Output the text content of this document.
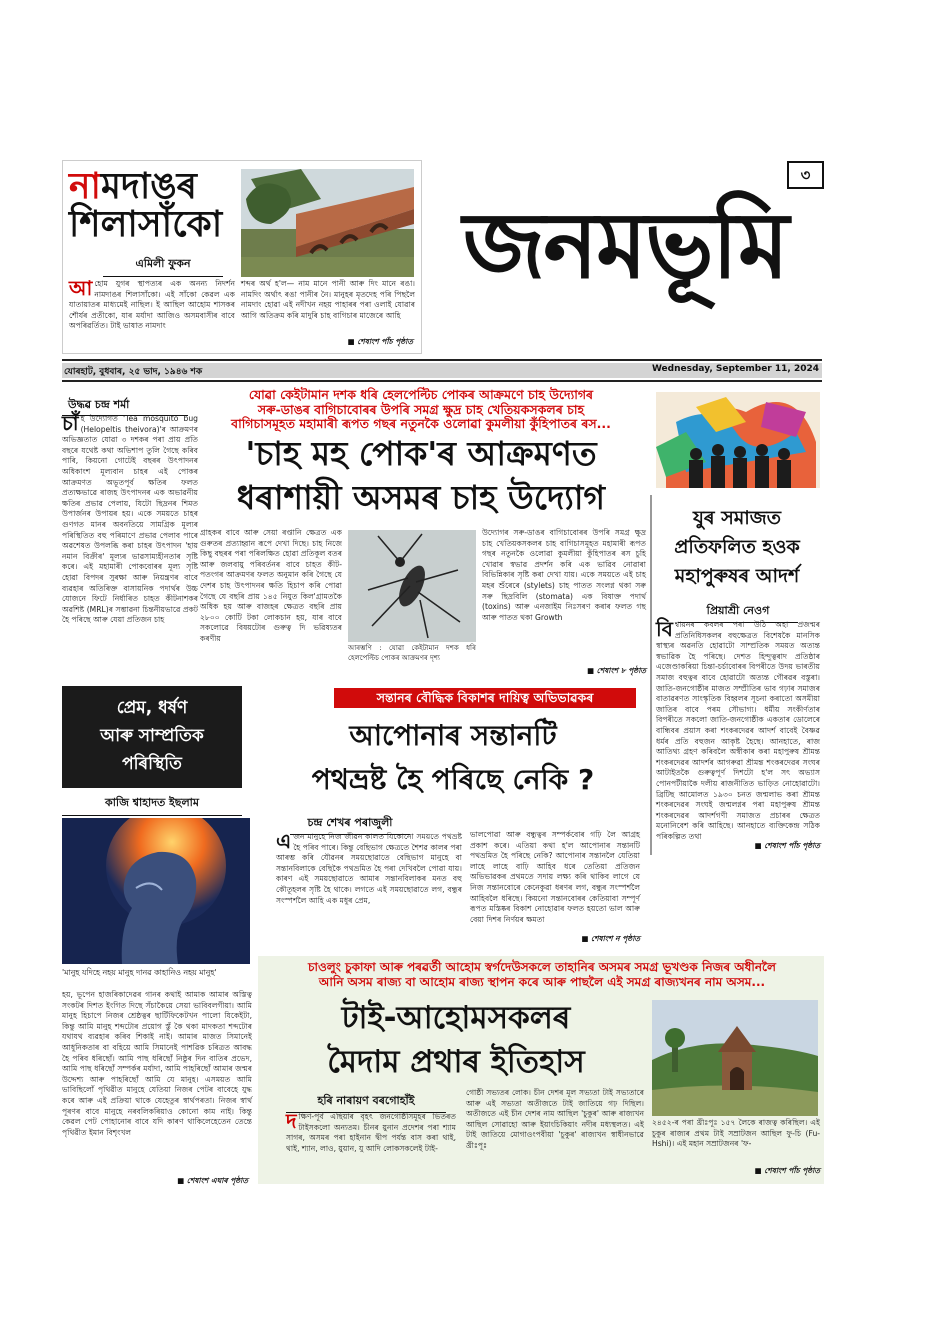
নামদাঙৰ
শিলাসাঁকো
এমিলী ফুকন
আহোম যুগৰ স্থাপত্যৰ এক অনন্য নিদৰ্শন নামদাঙৰ শিলাসাঁকো। এই সাঁকো কেৱল এক যাতায়াতৰ মাধ্যমেই নাছিল। ই আছিল আহোম শাসকৰ শৌৰ্যৰ প্ৰতীকো, যাৰ মৰ্যাদা আজিও অসমবাসীৰ বাবে অপৰিৱৰ্তিত। টাই ভাষাত নামদাং
শব্দৰ অৰ্থ হ'ল— নাম মানে পানী আৰু দিং মানে ৰঙা। নামদিং অৰ্থাৎ ৰঙা পানীৰ নৈ। মানুহৰ মৃতদেহ পৰি পিছলৈ নামদাং হোৱা এই নদীখন নহয় পাহাৰৰ পৰা ওলাই যোৱাৰ আগি অতিক্ৰম কৰি মাদুৰি চাহ বাগিচাৰ মাজেৰে আহি
■ শেষাংশ পাঁচ পৃষ্ঠাত
৩
জনমভূমি
যোৰহাট, বুধবাৰ, ২৫ ভাদ, ১৯৪৬ শক	Wednesday, September 11, 2024
উদ্ধৱ চন্দ্ৰ শৰ্মা
চাঁহ উদ্যোগত 'Tea mosquito bug (Helopeltis theivora)'ৰ আক্ৰমণৰ অভিজ্ঞতাত যোৱা ৩ দশকৰ পৰা প্ৰায় প্ৰতি বছৰে যথেষ্ট কথা অভিশাপ তুলি গৈছে কৰিব পাৰি, কিয়নো গোটেই বছৰৰ উৎপাদনৰ অধিকাংশ মূল্যবান চাহৰ এই পোকৰ আক্ৰমণত অভূতপূৰ্ব ক্ষতিৰ ফলত প্ৰত্যক্ষভাৱে ৰাজহ উৎপাদনৰ এক অভাৱনীয় ক্ষতিৰ প্ৰভাৱ পেলায়, যিটো ছিদ্ৰনৰ শিমত উপাৰ্জনৰ উপায়ৰ হয়। একে সময়তে চাহৰ গুণগত মানৰ অবনতিয়ে সামগ্ৰিক মূল্যৰ পৰিস্থিতিত বহু পৰিমাণে প্ৰভাৱ পেলাব পাৰে অৱশেষত উপলব্ধি কৰা চাহৰ উৎপাদন 'হায় নমান বিক্ৰীৰ' মূল্যৰ ভাৱসাম্যহীনতাৰ সৃষ্টি কৰে। এই মহামাৰী পোকবোৰৰ মূল্য সৃষ্টি হোৱা বিপদৰ সুৰক্ষা আৰু নিয়ন্ত্ৰণৰ বাবে ব্যৱহাৰ অতিৰিক্ত বাসায়নিক পদাৰ্থৰ উচ্চ যোজনে ফিটে নিৰ্ধাৰিত চাহত কীটনাশকৰ অৱশিষ্ট (MRL)ৰ সম্ভাৱনা চিন্তনীয়ভাৱে প্ৰকট হৈ পৰিছে আৰু যেয়া প্ৰতিজন চাহ
যোৱা কেইটামান দশক ধৰি হেলপেল্টিচ পোকৰ আক্ৰমণে চাহ উদ্যোগৰ
সৰু-ডাঙৰ বাগিচাবোৰৰ উপৰি সমগ্ৰ ক্ষুদ্ৰ চাহ খেতিয়কসকলৰ চাহ
বাগিচাসমূহত মহামাৰী ৰূপত গছৰ নতুনকৈ ওলোৱা কুমলীয়া কুঁহিপাতৰ ৰস...
'চাহ মহ পোক'ৰ আক্ৰমণত
ধৰাশায়ী অসমৰ চাহ উদ্যোগ
গ্ৰাহকৰ বাবে আৰু সেয়া ৰপ্তানি ক্ষেত্ৰত এক গুৰুতৰ প্ৰত্যাহ্বান ৰূপে দেখা দিছে। চাহ নিজে কিছু বছৰৰ পৰা পৰিলক্ষিত হোৱা প্ৰতিকূল বতৰ আৰু জলবায়ু পৰিবৰ্তনৰ বাবে চাহত কীট-পতংগৰ আক্ৰমণৰ ফলত অনুমান কৰি গৈছে যে দেশৰ চাহ উৎপাদনৰ ক্ষতি হিচাপ কৰি পোৱা গৈছে যে বছৰি প্ৰায় ১৪৫ নিযুত কিল'গ্ৰামতকৈ অধিক হয় আৰু বাজহৰ ক্ষেত্ৰত বছৰি প্ৰায় ২৮০০ কোটি টকা লোকচান হয়, যাৰ বাবে সকলোৱে বিষয়টোৰ গুৰুত্ব দি ভৱিষ্যতৰ কৰণীয়
আৰম্ভণি : যোৱা কেইটামান দশক ধৰি হেলপেল্টিচ পোকৰ আক্ৰমণৰ দৃশ্য
উদ্যোগৰ সৰু-ডাঙৰ বাগিচাবোৰৰ উপৰি সমগ্ৰ ক্ষুদ্ৰ চাহ খেতিয়কসকলৰ চাহ বাগিচাসমূহত মহামাৰী ৰূপত গছৰ নতুনকৈ ওলোৱা কুমলীয়া কুঁহিপাতৰ ৰস চুহি খোৱাৰ স্বভাৱ প্ৰদৰ্শন কৰি এক ভাৱিব নোৱাৰা বিভিন্নিকাৰ সৃষ্টি কৰা দেখা যায়। একে সময়তে এই চাহ মহৰ শুঁৰেৰে (stylets) চাহ পাতত সংলগ্ন থকা সৰু সৰু ছিদ্ৰবিলি (stomata) এক বিষাক্ত পদাৰ্থ (toxins) আৰু এনজাইম নিঃসৰণ কৰাৰ ফলত গছ আৰু পাতত থকা Growth
■ শেষাংশ ৮ পৃষ্ঠাত
যুৰ সমাজত
প্ৰতিফলিত হওক
মহাপুৰুষৰ আদৰ্শ
প্ৰিয়াশ্ৰী নেওগ
বিশ্বায়নৰ কবলৰ পৰা উঠি অহা প্ৰজন্মৰ প্ৰতিনিধিসকলৰ বহুক্ষেত্ৰত বিশেষকৈ মানসিক স্বাস্থ্যৰ অৱনতি হোৱাটো সাম্প্ৰতিক সময়ত অত্যন্ত স্বভাৱিক হৈ পৰিছে। দেশত হিন্দুত্বৰাদ প্ৰতিষ্ঠাৰ এজেণ্ডাকৰিয়া চিন্তা-চৰ্চাবোৰৰ বিপৰীতে উদয় ভাৰতীয় সমাজ বহুত্বৰ বাবে হোৱাটো অত্যন্ত গৌৰৱৰ বস্তুৰা। জাতি-জনগোষ্ঠীৰ মাজত সম্প্ৰীতিৰ ভাব গঢ়াৰ সমাজৰ বাতাৱৰণত সাংস্কৃতিক বিহ্বলৰ সূচনা কৰাতো অসমীয়া জাতিৰ বাবে পৰম সৌভাগ্য। ধৰ্মীয় সংকীৰ্ণতাৰ বিপৰীতে সকলো জাতি-জনগোষ্ঠীক একতাৰ ডোলেৰে বান্ধিবৰ প্ৰয়াস কৰা শংকৰদেৱৰ আদৰ্শ বাবেই বৈষ্ণৱ ধৰ্মৰ প্ৰতি বহুজন আকৃষ্ট হৈছে। আনহাতে, ৰাজ আতিথ্য গ্ৰহণ কৰিবলৈ অস্বীকাৰ কৰা মহাপুৰুষ শ্ৰীমন্ত শংকৰদেৱৰ আদৰ্শৰ আগৰুৱা শ্ৰীমন্ত শংকৰদেৱৰ সংঘৰ আটাইতকৈ গুৰুত্বপূৰ্ণ দিশটো হ'ল সৎ অভ্যাস পোনপটীয়াকৈ দলীয় ৰাজনীতিত ভাড়িত নোহোৱাটো। ব্ৰিটিছ আমোলত ১৯৩০ চনত জন্মলাভ কৰা শ্ৰীমন্ত শংকৰদেৱৰ সংঘই জন্মলগ্নৰ পৰা মহাপুৰুষ শ্ৰীমন্ত শংকৰদেৱৰ আদৰ্শগণী সমাজত প্ৰচাৰৰ ক্ষেত্ৰত মনোনিবেশ কৰি আহিছে। আনহাতে ব্যক্তিকেন্দ্ৰ সঠিক পৰিকল্পিত তথা
■ শেষাংশ পাঁচ পৃষ্ঠাত
প্ৰেম, ধৰ্ষণ
আৰু সাম্প্ৰতিক
পৰিস্থিতি
কাজি শ্বাহাদত ইছলাম
'মানুহ যদিহে নহয় মানুহ দানৱ কাহানিও নহয় মানুহ'
হয়, ভূপেন হাজৰিকাদেৱৰ গানৰ কথাই আমাক আমাৰ অস্তিত্ব সংকটৰ দিশত ইংগিত দিছে সঁচাকৈয়ে সেয়া ভাবিবলগীয়া। আমি মানুহ হিচাপে নিজৰ শ্ৰেষ্ঠত্বৰ ছাৰ্টিফিকেটখন পালো যিকেইটা, কিন্তু আমি মানুহ শব্দটোৰ প্ৰয়োগ স্তুঁ কৈ থকা মাদকতা শব্দটোৰ যথাযথ ব্যৱহাৰ কৰিব শিকাই নাই। আমাৰ মাজত সিমানেই আধুনিকতাৰ বা বহিয়ে আমি সিমানেই পাশৱিক চৰিত্ৰত আবদ্ধ হৈ পৰিব ধৰিছোঁ। আমি পাছ ধৰিছোঁ নিষ্ঠুৰ দিন বাতিৰ প্ৰভেদ, আমি পাছ ধৰিছোঁ সম্পৰ্কৰ মৰ্যাদা, আমি পাহৰিছোঁ আমাৰ জন্মৰ উদ্দেশ্য আৰু পাহৰিছোঁ আমি যে মানুহ। এসময়ত আমি ভাবিছিলোঁ পৃথিৱীত মানুহে যেতিয়া নিজৰ পেটৰ বাবেহে যুদ্ধ কৰে আৰু এই প্ৰক্ৰিয়া থাকে যেহেতুৰ স্বাৰ্থপৰতা। নিজৰ স্বাৰ্থ পূৰণৰ বাবে মানুহে নৰবলিকৰিয়াও কোনো কাম নাই। কিন্তু কেৱল পেট পোহানোৰ বাবে যদি কাৰণ থাকিলেহেতেন তেন্তে পৃথিৱীত ইমান বিশৃংখল
■ শেষাংশ এঘাৰ পৃষ্ঠাত
সন্তানৰ বৌদ্ধিক বিকাশৰ দায়িত্ব অভিভাৱকৰ
আপোনাৰ সন্তানটি
পথভ্ৰষ্ট হৈ পৰিছে নেকি ?
চন্দ্ৰ শেখৰ পৰাজুলী
এজন মানুহে নিজ জীৱন কালত যিকোনো সময়তে পথভ্ৰষ্ট হৈ পৰিব পাৰে। কিন্তু বেছিভাগ ক্ষেত্ৰতে শৈশৱ কালৰ পৰা আৰম্ভ কৰি যৌৱনৰ সময়ছোৱাতে বেছিভাগ মানুহে বা সন্তানবিলাকে বেছিকৈ পথভ্ৰমিত হৈ পৰা দেখিবলৈ পোৱা যায়। কাৰণ এই সময়ছোৱাতে আমাৰ সন্তানবিলাকৰ মনত বহু কৌতূহলৰ সৃষ্টি হৈ থাকে। লগতে এই সময়ছোৱাতে লগ, বন্ধুৰ সংস্পৰ্শলৈ আহি এক মধুৰ প্ৰেম,
ভালপোৱা আৰু বন্ধুত্বৰ সম্পৰ্কবোৰ গঢ়ি লৈ আগ্ৰহ প্ৰকাশ কৰে। এতিয়া কথা হ'ল আপোনাৰ সন্তানটি পথভ্ৰমিত হৈ পৰিছে নেকি? আপোনাৰ সন্তানলৈ যেতিয়া লাহে লাহে বাঢ়ি আহিব ধৰে তেতিয়া প্ৰতিজন অভিভাৱকৰ প্ৰথমতে সদায় লক্ষ্য কৰি থাকিব লাগে যে নিজ সন্তানবোৰে কেনেকুৱা ধৰণৰ লগ, বন্ধুৰ সংস্পৰ্শলৈ আহিবলৈ ধৰিছে। কিয়নো সন্তানবোৰৰ কেতিয়াবা সম্পূৰ্ণ ৰূপত মস্তিষ্কৰ বিকাশ নোহোৱাৰ ফলত হয়তো ভাল আৰু বেয়া দিশৰ নিৰ্ণয়ৰ ক্ষমতা
■ শেষাংশ ন পৃষ্ঠাত
চাওলুং চুকাফা আৰু পৰৱৰ্তী আহোম স্বৰ্গদেউসকলে তাহানিৰ অসমৰ সমগ্ৰ ভূখণ্ডক নিজৰ অধীনলৈ
আনি অসম ৰাজ্য বা আহোম ৰাজ্য স্থাপন কৰে আৰু পাছলৈ এই সমগ্ৰ ৰাজ্যখনৰ নাম অসম...
টাই-আহোমসকলৰ
মৈদাম প্ৰথাৰ ইতিহাস
হৰি নাৰায়ণ বৰগোহাঁই
দক্ষিণ-পূৰ্ব এছিয়াৰ বৃহৎ জনগোষ্ঠীসমূহৰ ভিতৰত টাইসকলো অন্যতম। চীনৰ য়ুনান প্ৰদেশৰ পৰা শ্যাম সাগৰ, অসমৰ পৰা হাইনান দ্বীপ পৰ্যন্ত বাস কৰা থাই, থাই, শ্যান, লাও, য়ুয়ান, যু আদি লোকসকলেই টাই-
গোষ্ঠী সভ্যতৰ লোক। চীন দেশৰ মূল সভ্যতা টাই সভ্যতাৰে আৰু এই সভ্যতা অতীজতে টাই জাতিয়ে গঢ় দিছিল। অতীজতে এই চীন দেশৰ নাম আছিল 'চুকুৰ' আৰু ৰাজ্যখন আছিল সোৱাহো আৰু ইয়াংচিকিয়াং নদীৰ মধ্যস্থলত। এই টাই জাতিয়ে মোগাওংপবীয়া 'চুকুৰ' ৰাজ্যখন স্বাধীনভাৱে খ্ৰীঃপূঃ
২৪৫২-ৰ পৰা খ্ৰীঃপূঃ ১৫৭ লৈকে ৰাজত্ব কৰিছিল। এই চুকুৰ ৰাজ্যৰ প্ৰথম টাই সম্ৰাটজন আছিল ফু-চি (Fu-Hshi)। এই মহান সম্ৰাটজনৰ 'ফ-
■ শেষাংশ পাঁচ পৃষ্ঠাত
